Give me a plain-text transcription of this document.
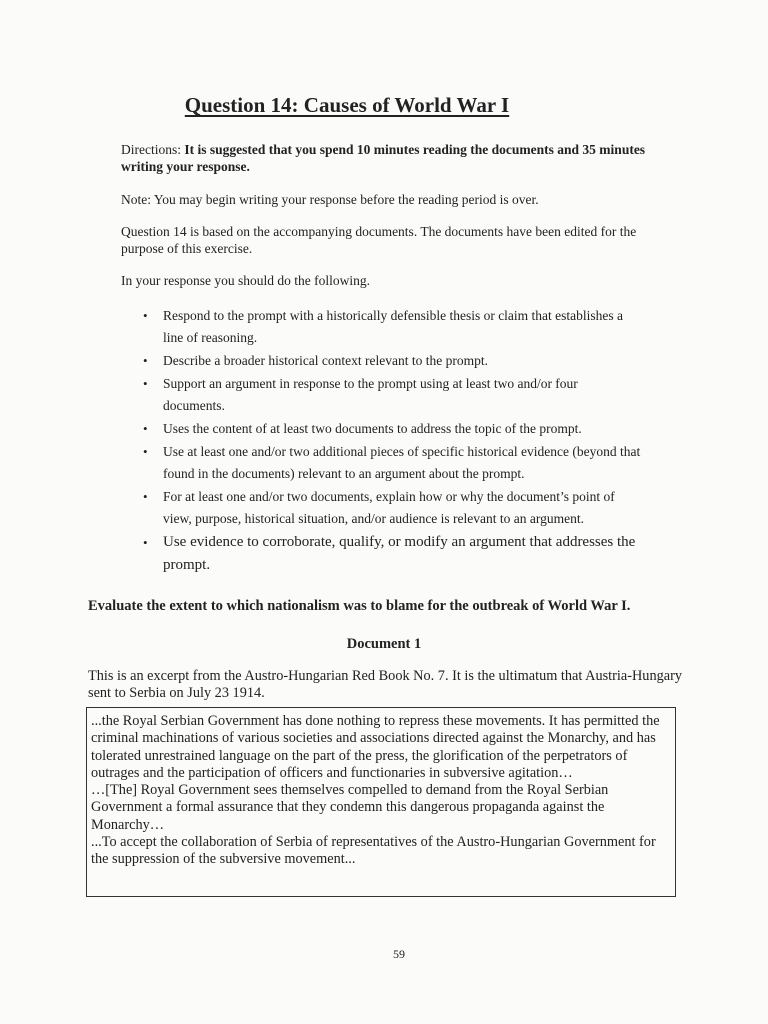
Question 14: Causes of World War I

Directions: It is suggested that you spend 10 minutes reading the documents and 35 minutes writing your response.

Note: You may begin writing your response before the reading period is over.

Question 14 is based on the accompanying documents. The documents have been edited for the purpose of this exercise.

In your response you should do the following.

• Respond to the prompt with a historically defensible thesis or claim that establishes a line of reasoning.
• Describe a broader historical context relevant to the prompt.
• Support an argument in response to the prompt using at least two and/or four documents.
• Uses the content of at least two documents to address the topic of the prompt.
• Use at least one and/or two additional pieces of specific historical evidence (beyond that found in the documents) relevant to an argument about the prompt.
• For at least one and/or two documents, explain how or why the document’s point of view, purpose, historical situation, and/or audience is relevant to an argument.
• Use evidence to corroborate, qualify, or modify an argument that addresses the prompt.

Evaluate the extent to which nationalism was to blame for the outbreak of World War I.

Document 1

This is an excerpt from the Austro-Hungarian Red Book No. 7. It is the ultimatum that Austria-Hungary sent to Serbia on July 23 1914.

...the Royal Serbian Government has done nothing to repress these movements. It has permitted the criminal machinations of various societies and associations directed against the Monarchy, and has tolerated unrestrained language on the part of the press, the glorification of the perpetrators of outrages and the participation of officers and functionaries in subversive agitation…

…[The] Royal Government sees themselves compelled to demand from the Royal Serbian Government a formal assurance that they condemn this dangerous propaganda against the Monarchy…

...To accept the collaboration of Serbia of representatives of the Austro-Hungarian Government for the suppression of the subversive movement...

59
